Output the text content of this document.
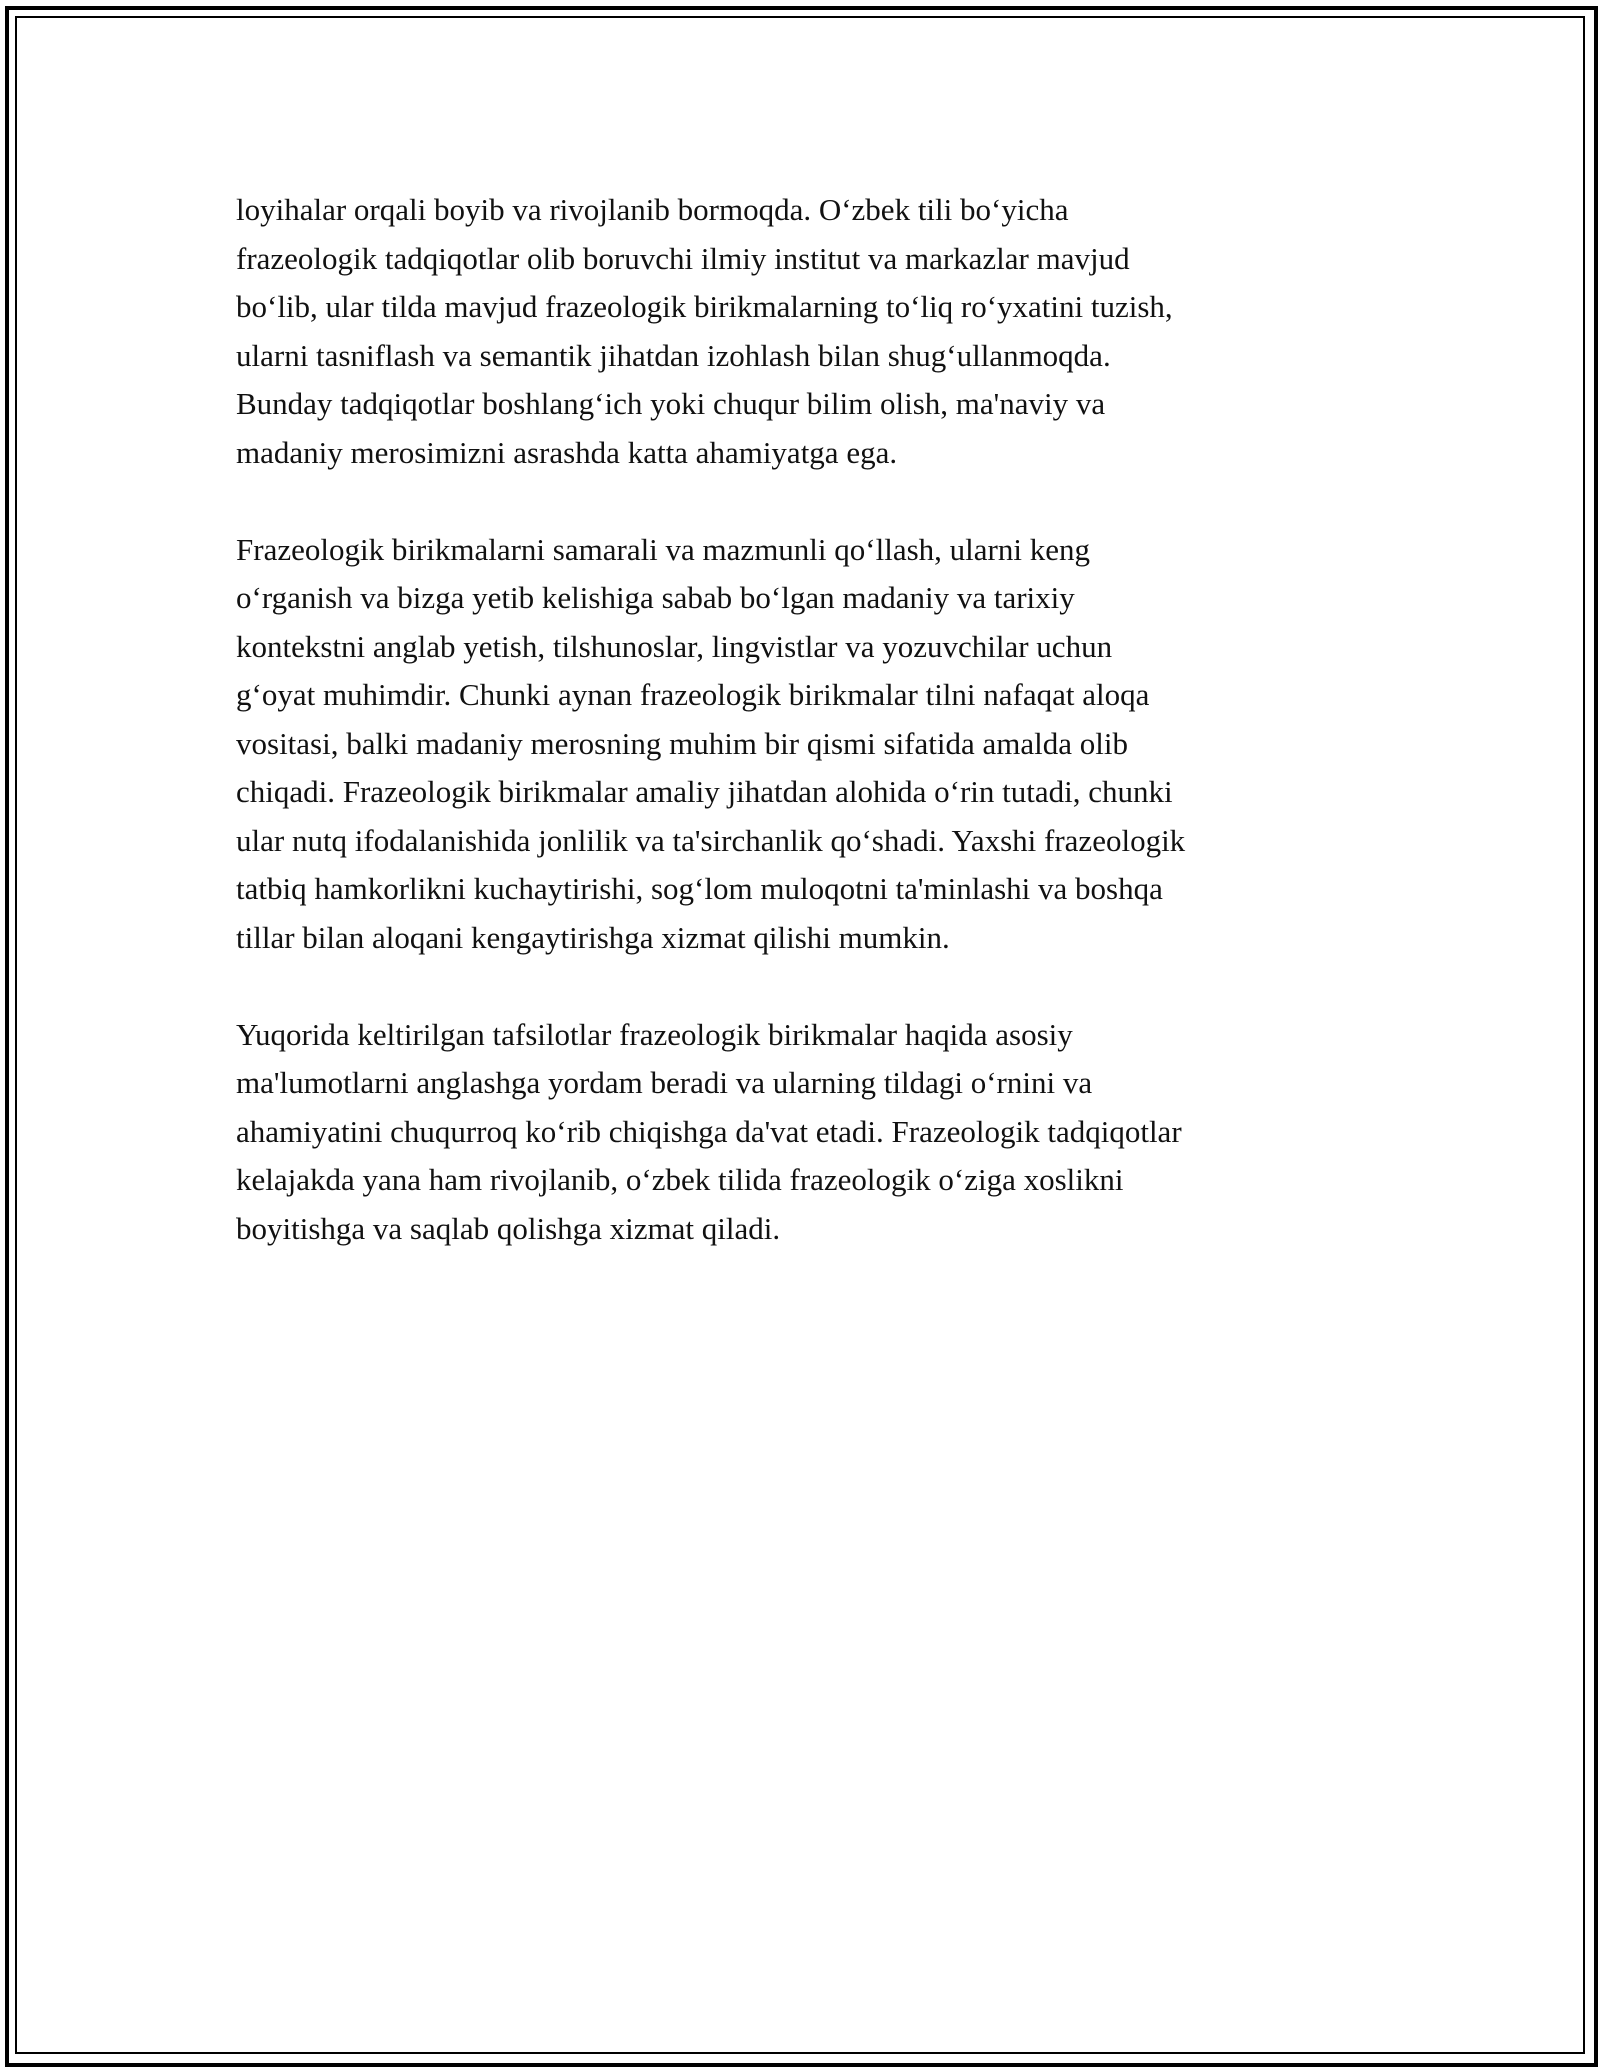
loyihalar orqali boyib va rivojlanib bormoqda. O‘zbek tili bo‘yicha
frazeologik tadqiqotlar olib boruvchi ilmiy institut va markazlar mavjud
bo‘lib, ular tilda mavjud frazeologik birikmalarning to‘liq ro‘yxatini tuzish,
ularni tasniflash va semantik jihatdan izohlash bilan shug‘ullanmoqda.
Bunday tadqiqotlar boshlang‘ich yoki chuqur bilim olish, ma'naviy va
madaniy merosimizni asrashda katta ahamiyatga ega.

Frazeologik birikmalarni samarali va mazmunli qo‘llash, ularni keng
o‘rganish va bizga yetib kelishiga sabab bo‘lgan madaniy va tarixiy
kontekstni anglab yetish, tilshunoslar, lingvistlar va yozuvchilar uchun
g‘oyat muhimdir. Chunki aynan frazeologik birikmalar tilni nafaqat aloqa
vositasi, balki madaniy merosning muhim bir qismi sifatida amalda olib
chiqadi. Frazeologik birikmalar amaliy jihatdan alohida o‘rin tutadi, chunki
ular nutq ifodalanishida jonlilik va ta'sirchanlik qo‘shadi. Yaxshi frazeologik
tatbiq hamkorlikni kuchaytirishi, sog‘lom muloqotni ta'minlashi va boshqa
tillar bilan aloqani kengaytirishga xizmat qilishi mumkin.

Yuqorida keltirilgan tafsilotlar frazeologik birikmalar haqida asosiy
ma'lumotlarni anglashga yordam beradi va ularning tildagi o‘rnini va
ahamiyatini chuqurroq ko‘rib chiqishga da'vat etadi. Frazeologik tadqiqotlar
kelajakda yana ham rivojlanib, o‘zbek tilida frazeologik o‘ziga xoslikni
boyitishga va saqlab qolishga xizmat qiladi.
